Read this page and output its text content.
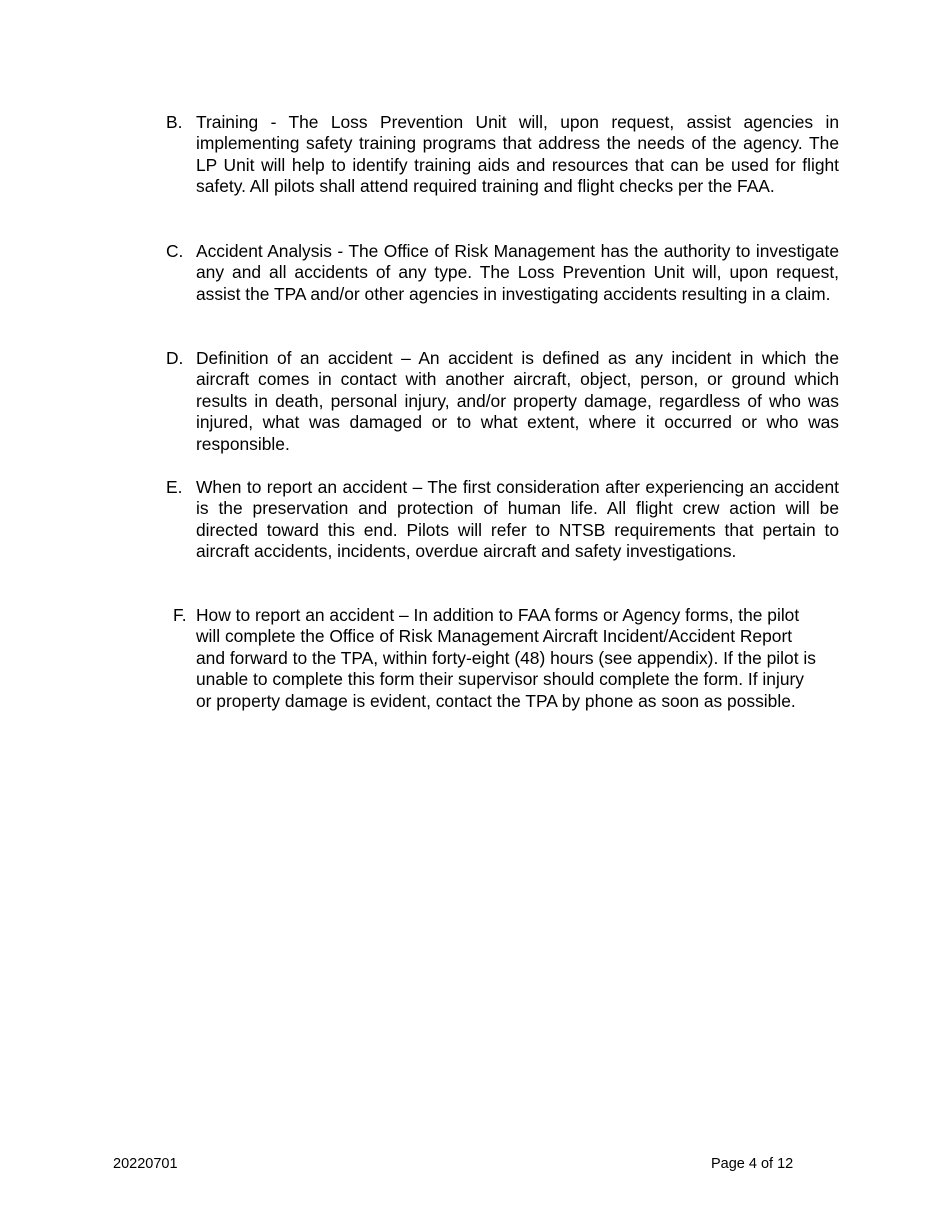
B. Training - The Loss Prevention Unit will, upon request, assist agencies in implementing safety training programs that address the needs of the agency. The LP Unit will help to identify training aids and resources that can be used for flight safety. All pilots shall attend required training and flight checks per the FAA.
C. Accident Analysis - The Office of Risk Management has the authority to investigate any and all accidents of any type. The Loss Prevention Unit will, upon request, assist the TPA and/or other agencies in investigating accidents resulting in a claim.
D. Definition of an accident – An accident is defined as any incident in which the aircraft comes in contact with another aircraft, object, person, or ground which results in death, personal injury, and/or property damage, regardless of who was injured, what was damaged or to what extent, where it occurred or who was responsible.
E. When to report an accident – The first consideration after experiencing an accident is the preservation and protection of human life. All flight crew action will be directed toward this end. Pilots will refer to NTSB requirements that pertain to aircraft accidents, incidents, overdue aircraft and safety investigations.
F. How to report an accident – In addition to FAA forms or Agency forms, the pilot will complete the Office of Risk Management Aircraft Incident/Accident Report and forward to the TPA, within forty-eight (48) hours (see appendix). If the pilot is unable to complete this form their supervisor should complete the form. If injury or property damage is evident, contact the TPA by phone as soon as possible.
20220701	Page 4 of 12
